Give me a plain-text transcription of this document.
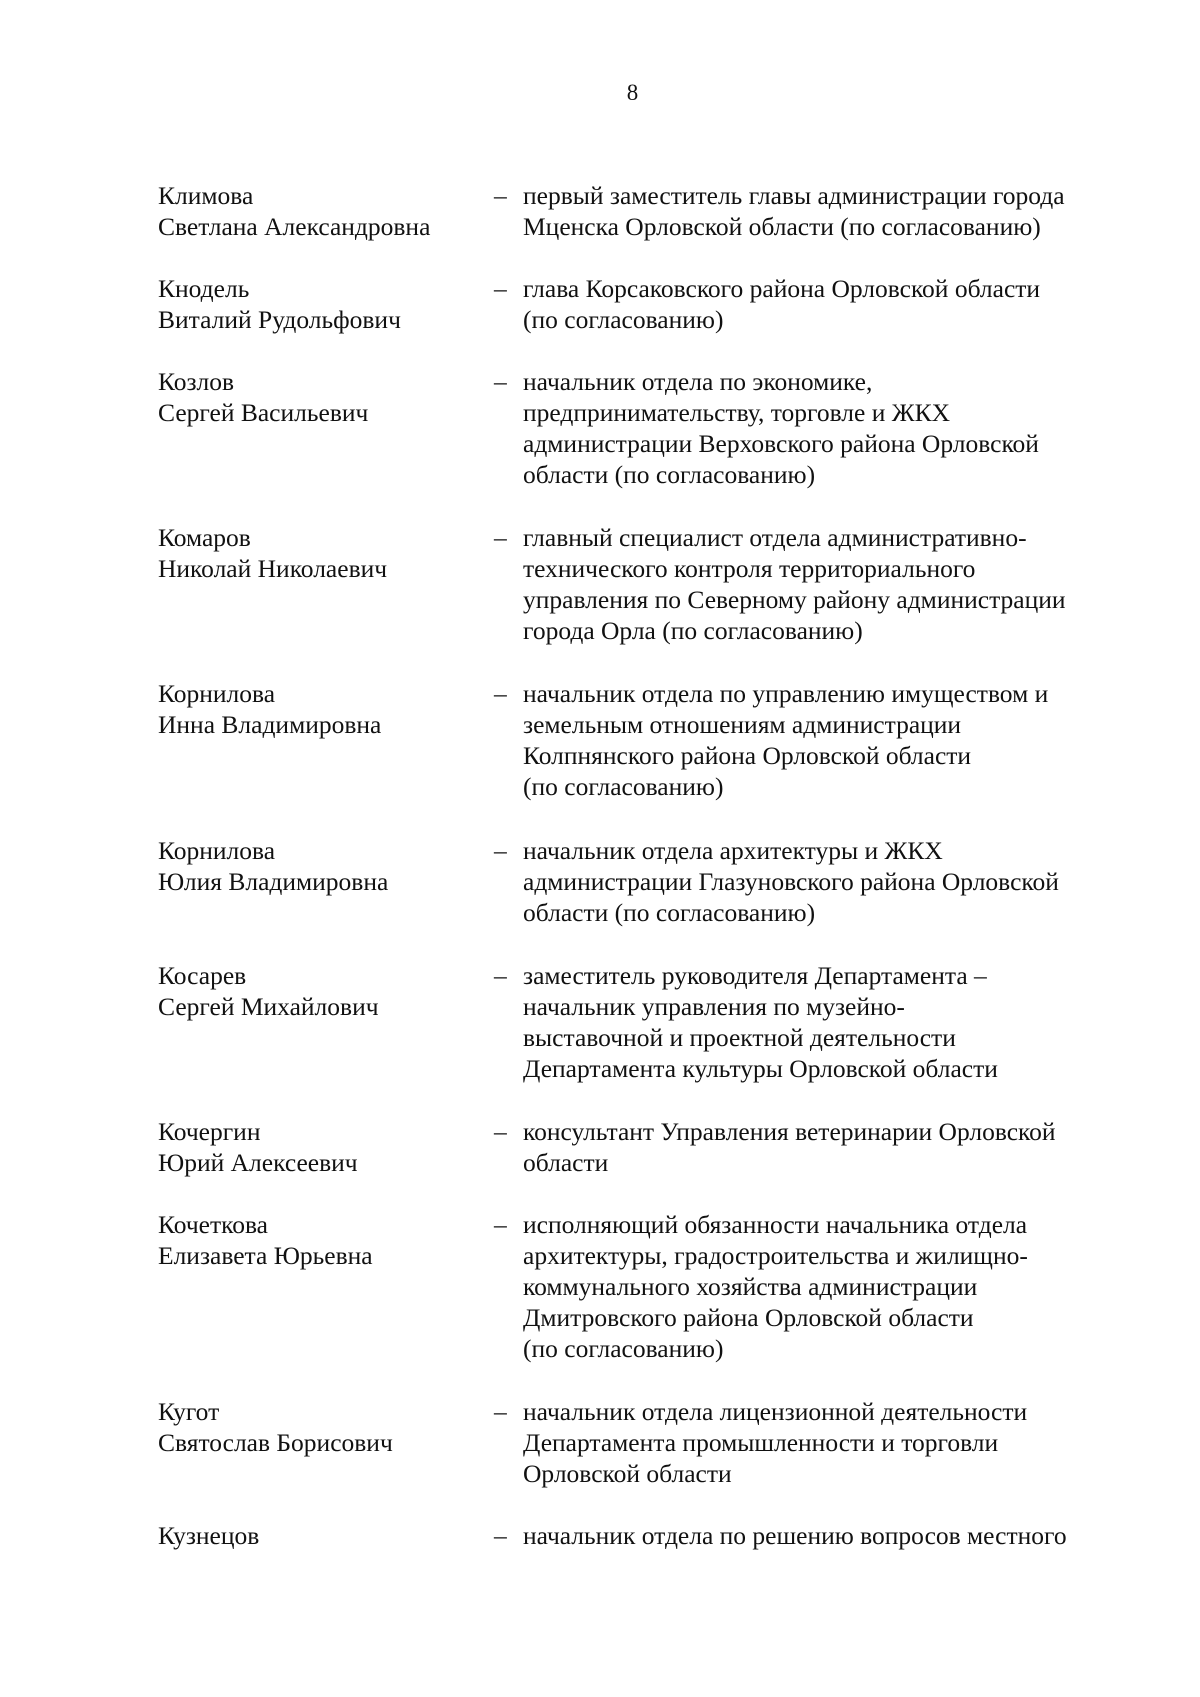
8
Климова
Светлана Александровна
– первый заместитель главы администрации города
Мценска Орловской области (по согласованию)
Кнодель
Виталий Рудольфович
– глава Корсаковского района Орловской области
(по согласованию)
Козлов
Сергей Васильевич
– начальник отдела по экономике,
предпринимательству, торговле и ЖКХ
администрации Верховского района Орловской
области (по согласованию)
Комаров
Николай Николаевич
– главный специалист отдела административно-
технического контроля территориального
управления по Северному району администрации
города Орла (по согласованию)
Корнилова
Инна Владимировна
– начальник отдела по управлению имуществом и
земельным отношениям администрации
Колпнянского района Орловской области
(по согласованию)
Корнилова
Юлия Владимировна
– начальник отдела архитектуры и ЖКХ
администрации Глазуновского района Орловской
области (по согласованию)
Косарев
Сергей Михайлович
– заместитель руководителя Департамента –
начальник управления по музейно-
выставочной и проектной деятельности
Департамента культуры Орловской области
Кочергин
Юрий Алексеевич
– консультант Управления ветеринарии Орловской
области
Кочеткова
Елизавета Юрьевна
– исполняющий обязанности начальника отдела
архитектуры, градостроительства и жилищно-
коммунального хозяйства администрации
Дмитровского района Орловской области
(по согласованию)
Кугот
Святослав Борисович
– начальник отдела лицензионной деятельности
Департамента промышленности и торговли
Орловской области
Кузнецов	– начальник отдела по решению вопросов местного
